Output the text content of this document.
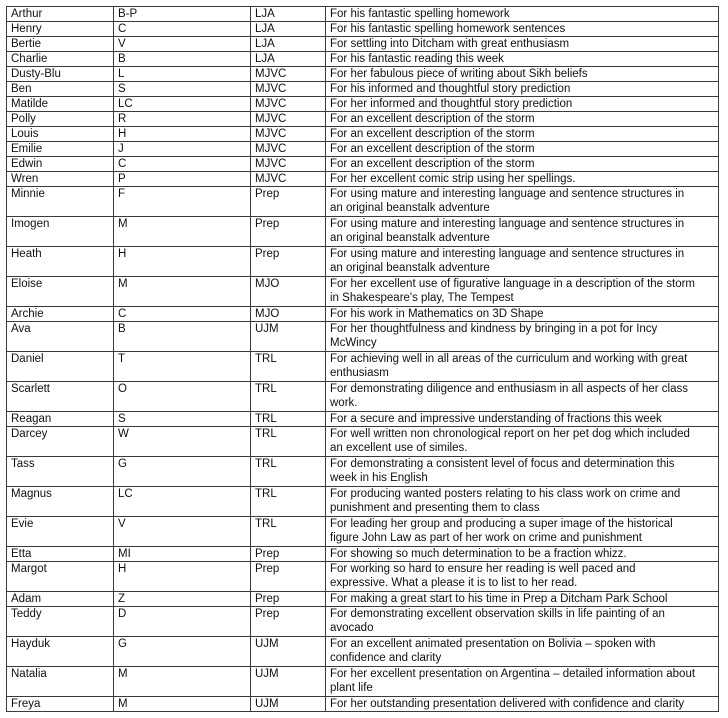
Arthur	B-P	LJA	For his fantastic spelling homework
Henry	C	LJA	For his fantastic spelling homework sentences
Bertie	V	LJA	For settling into Ditcham with great enthusiasm
Charlie	B	LJA	For his fantastic reading this week
Dusty-Blu	L	MJVC	For her fabulous piece of writing about Sikh beliefs
Ben	S	MJVC	For his informed and thoughtful story prediction
Matilde	LC	MJVC	For her informed and thoughtful story prediction
Polly	R	MJVC	For an excellent description of the storm
Louis	H	MJVC	For an excellent description of the storm
Emilie	J	MJVC	For an excellent description of the storm
Edwin	C	MJVC	For an excellent description of the storm
Wren	P	MJVC	For her excellent comic strip using her spellings.
Minnie	F	Prep	For using mature and interesting language and sentence structures in
an original beanstalk adventure
Imogen	M	Prep	For using mature and interesting language and sentence structures in
an original beanstalk adventure
Heath	H	Prep	For using mature and interesting language and sentence structures in
an original beanstalk adventure
Eloise	M	MJO	For her excellent use of figurative language in a description of the storm
in Shakespeare's play, The Tempest
Archie	C	MJO	For his work in Mathematics on 3D Shape
Ava	B	UJM	For her thoughtfulness and kindness by bringing in a pot for Incy
McWincy
Daniel	T	TRL	For achieving well in all areas of the curriculum and working with great
enthusiasm
Scarlett	O	TRL	For demonstrating diligence and enthusiasm in all aspects of her class
work.
Reagan	S	TRL	For a secure and impressive understanding of fractions this week
Darcey	W	TRL	For well written non chronological report on her pet dog which included
an excellent use of similes.
Tass	G	TRL	For demonstrating a consistent level of focus and determination this
week in his English
Magnus	LC	TRL	For producing wanted posters relating to his class work on crime and
punishment and presenting them to class
Evie	V	TRL	For leading her group and producing a super image of the historical
figure John Law as part of her work on crime and punishment
Etta	MI	Prep	For showing so much determination to be a fraction whizz.
Margot	H	Prep	For working so hard to ensure her reading is well paced and
expressive. What a please it is to list to her read.
Adam	Z	Prep	For making a great start to his time in Prep a Ditcham Park School
Teddy	D	Prep	For demonstrating excellent observation skills in life painting of an
avocado
Hayduk	G	UJM	For an excellent animated presentation on Bolivia – spoken with
confidence and clarity
Natalia	M	UJM	For her excellent presentation on Argentina – detailed information about
plant life
Freya	M	UJM	For her outstanding presentation delivered with confidence and clarity
